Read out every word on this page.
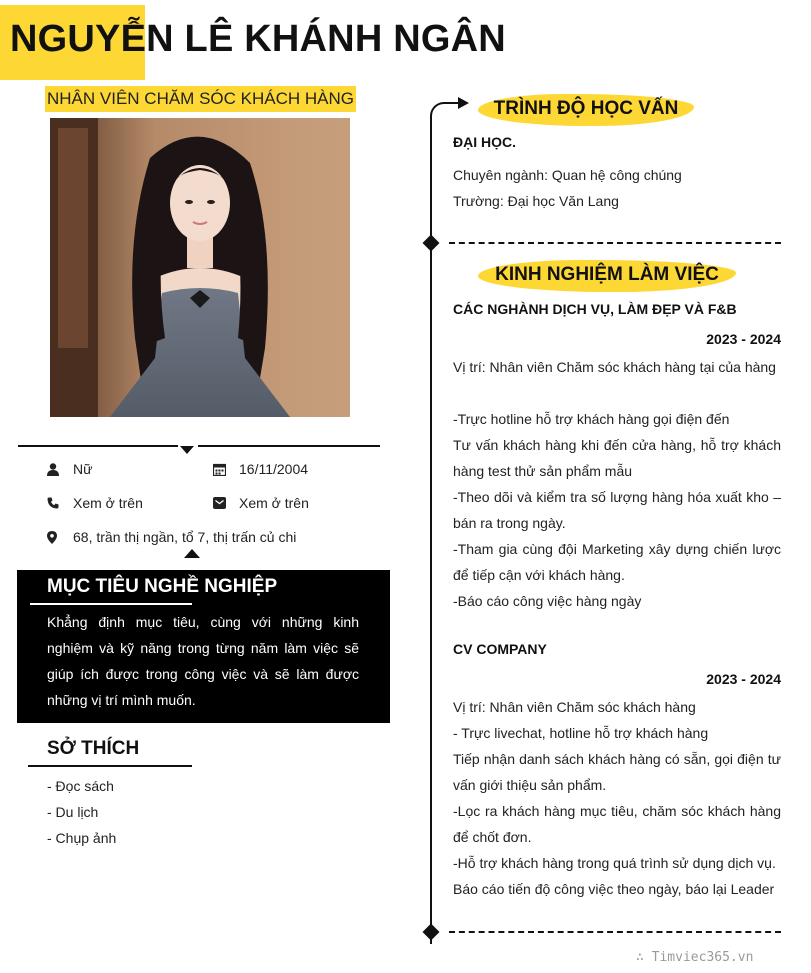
NGUYỄN LÊ KHÁNH NGÂN
NHÂN VIÊN CHĂM SÓC KHÁCH HÀNG
Nữ	16/11/2004
Xem ở trên	Xem ở trên
68, trần thị ngần, tổ 7, thị trấn củ chi
MỤC TIÊU NGHỀ NGHIỆP

Khẳng định mục tiêu, cùng với những kinh nghiệm và kỹ năng trong từng năm làm việc sẽ giúp ích được trong công việc và sẽ làm được những vị trí mình muốn.

SỞ THÍCH
- Đọc sách
- Du lịch
- Chụp ảnh
TRÌNH ĐỘ HỌC VẤN
ĐẠI HỌC.
Chuyên ngành: Quan hệ công chúng
Trường: Đại học Văn Lang
KINH NGHIỆM LÀM VIỆC
CÁC NGHÀNH DỊCH VỤ, LÀM ĐẸP VÀ F&B
2023 - 2024
Vị trí: Nhân viên Chăm sóc khách hàng tại của hàng
-Trực hotline hỗ trợ khách hàng gọi điện đến
Tư vấn khách hàng khi đến cửa hàng, hỗ trợ khách hàng test thử sản phẩm mẫu
-Theo dõi và kiểm tra số lượng hàng hóa xuất kho – bán ra trong ngày.
-Tham gia cùng đội Marketing xây dựng chiến lược để tiếp cận với khách hàng.
-Báo cáo công việc hàng ngày
CV COMPANY
2023 - 2024
Vị trí: Nhân viên Chăm sóc khách hàng
- Trực livechat, hotline hỗ trợ khách hàng
Tiếp nhận danh sách khách hàng có sẵn, gọi điện tư vấn giới thiệu sản phẩm.
-Lọc ra khách hàng mục tiêu, chăm sóc khách hàng để chốt đơn.
-Hỗ trợ khách hàng trong quá trình sử dụng dịch vụ.
Báo cáo tiến độ công việc theo ngày, báo lại Leader
∴ Timviec365.vn
